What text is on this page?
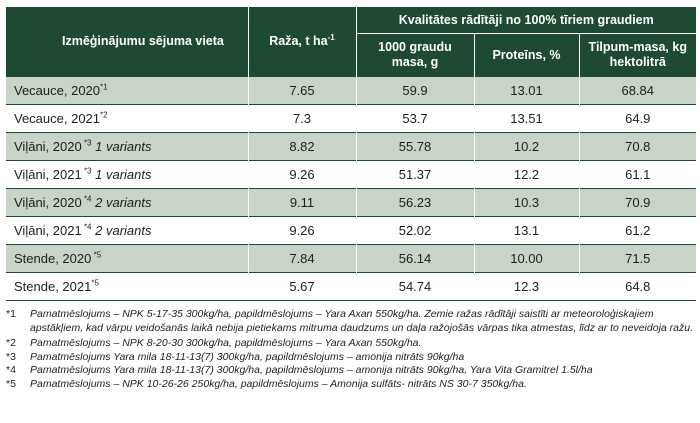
Izmēģinājumu sējuma vieta	Raža, t $ha^{-1}$	Kvalitātes rādītāji no 100% tīriem graudiem		
		1000 graudu masa, g	Proteīns, %	Tilpum-masa, kg hektolitrā
Vecauce, 2020$^{*1}$	7.65	59.9	13.01	68.84
Vecauce, 2021$^{*2}$	7.3	53.7	13.51	64.9
Viļāni, 2020 $^{*3}$ 1 variants	8.82	55.78	10.2	70.8
Viļāni, 2021 $^{*3}$ 1 variants	9.26	51.37	12.2	61.1
Viļāni, 2020 $^{*4}$ 2 variants	9.11	56.23	10.3	70.9
Viļāni, 2021 $^{*4}$ 2 variants	9.26	52.02	13.1	61.2
Stende, 2020 $^{*5}$	7.84	56.14	10.00	71.5
Stende, 2021$^{*5}$	5.67	54.74	12.3	64.8
*1	Pamatmēslojums – NPK 5-17-35 300kg/ha, papildmēslojums – Yara Axan 550kg/ha. Zemie ražas rādītāji saistīti ar meteoroloģiskajiem apstākļiem, kad vārpu veidošanās laikā nebija pietiekams mitruma daudzums un daļa ražojošās vārpas tika atmestas, līdz ar to neveidoja ražu.
*2	Pamatmēslojums – NPK 8-20-30 300kg/ha, papildmēslojums – Yara Axan 550kg/ha.
*3	Pamatmēslojums Yara mila 18-11-13(7) 300kg/ha, papildmēslojums – amonija nitrāts 90kg/ha
*4	Pamatmēslojums Yara mila 18-11-13(7) 300kg/ha, papildmēslojums – amonija nitrāts 90kg/ha, Yara Vita Gramitrel 1.5l/ha
*5	Pamatmēslojums – NPK 10-26-26 250kg/ha, papildmēslojums – Amonija sulfāts- nitrāts NS 30-7 350kg/ha.
